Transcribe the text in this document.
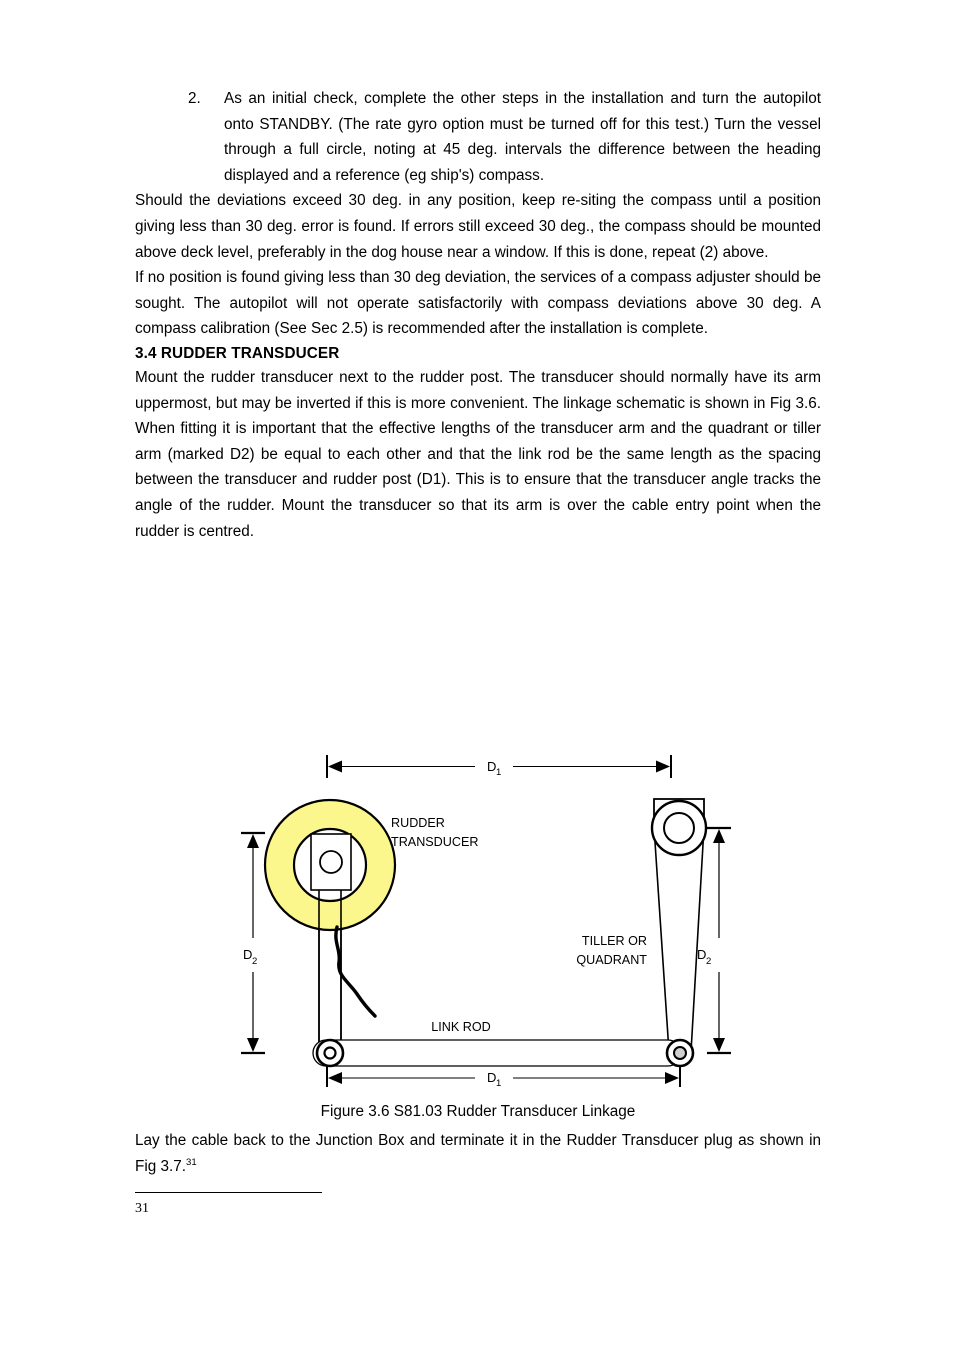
2.	As an initial check, complete the other steps in the installation and turn the autopilot onto STANDBY. (The rate gyro option must be turned off for this test.) Turn the vessel through a full circle, noting at 45 deg. intervals the difference between the heading displayed and a reference (eg ship's) compass.

Should the deviations exceed 30 deg. in any position, keep re-siting the compass until a position giving less than 30 deg. error is found. If errors still exceed 30 deg., the compass should be mounted above deck level, preferably in the dog house near a window. If this is done, repeat (2) above.

If no position is found giving less than 30 deg deviation, the services of a compass adjuster should be sought. The autopilot will not operate satisfactorily with compass deviations above 30 deg. A compass calibration (See Sec 2.5) is recommended after the installation is complete.

3.4 RUDDER TRANSDUCER

Mount the rudder transducer next to the rudder post. The transducer should normally have its arm uppermost, but may be inverted if this is more convenient. The linkage schematic is shown in Fig 3.6. When fitting it is important that the effective lengths of the transducer arm and the quadrant or tiller arm (marked D2) be equal to each other and that the link rod be the same length as the spacing between the transducer and rudder post (D1). This is to ensure that the transducer angle tracks the angle of the rudder. Mount the transducer so that its arm is over the cable entry point when the rudder is centred.

D 1
RUDDER
TRANSDUCER
LINK ROD
TILLER OR
QUADRANT
D 2	D 2
D 1
Figure 3.6 S81.03 Rudder Transducer Linkage
Lay the cable back to the Junction Box and terminate it in the Rudder Transducer plug as shown in Fig 3.7.31
31
